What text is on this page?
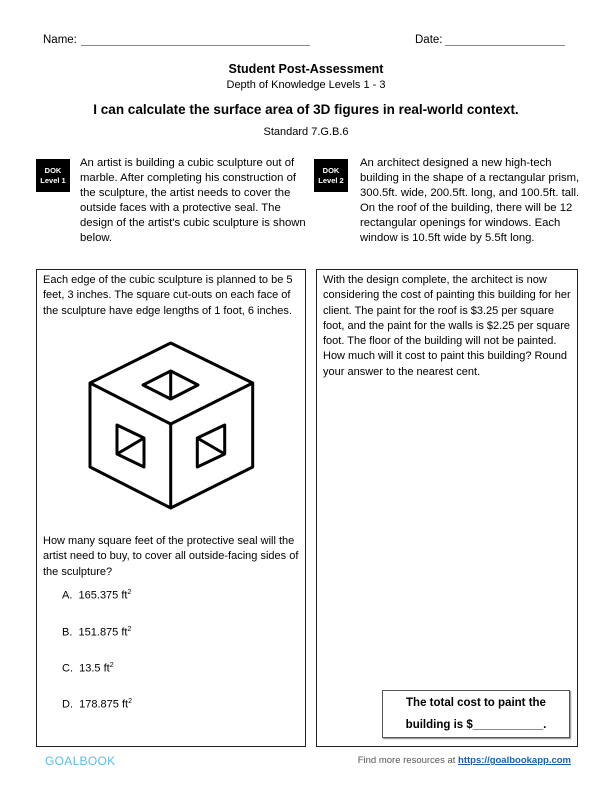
Name:	Date:
Student Post-Assessment
Depth of Knowledge Levels 1 - 3
I can calculate the surface area of 3D figures in real-world context.
Standard 7.G.B.6
DOK
Level 1
An artist is building a cubic sculpture out of marble. After completing his construction of the sculpture, the artist needs to cover the outside faces with a protective seal. The design of the artist's cubic sculpture is shown below.
DOK
Level 2
An architect designed a new high-tech building in the shape of a rectangular prism, 300.5ft. wide, 200.5ft. long, and 100.5ft. tall. On the roof of the building, there will be 12 rectangular openings for windows. Each window is 10.5ft wide by 5.5ft long.
Each edge of the cubic sculpture is planned to be 5 feet, 3 inches. The square cut-outs on each face of the sculpture have edge lengths of 1 foot, 6 inches.
How many square feet of the protective seal will the artist need to buy, to cover all outside-facing sides of the sculpture?
A. 165.375 $ft^2$
B. 151.875 $ft^2$
C. 13.5 $ft^2$
D. 178.875 $ft^2$
With the design complete, the architect is now considering the cost of painting this building for her client. The paint for the roof is $3.25 per square foot, and the paint for the walls is $2.25 per square foot. The floor of the building will not be painted. How much will it cost to paint this building? Round your answer to the nearest cent.
The total cost to paint the
building is $___________.
GOALBOOK	Find more resources at https://goalbookapp.com
